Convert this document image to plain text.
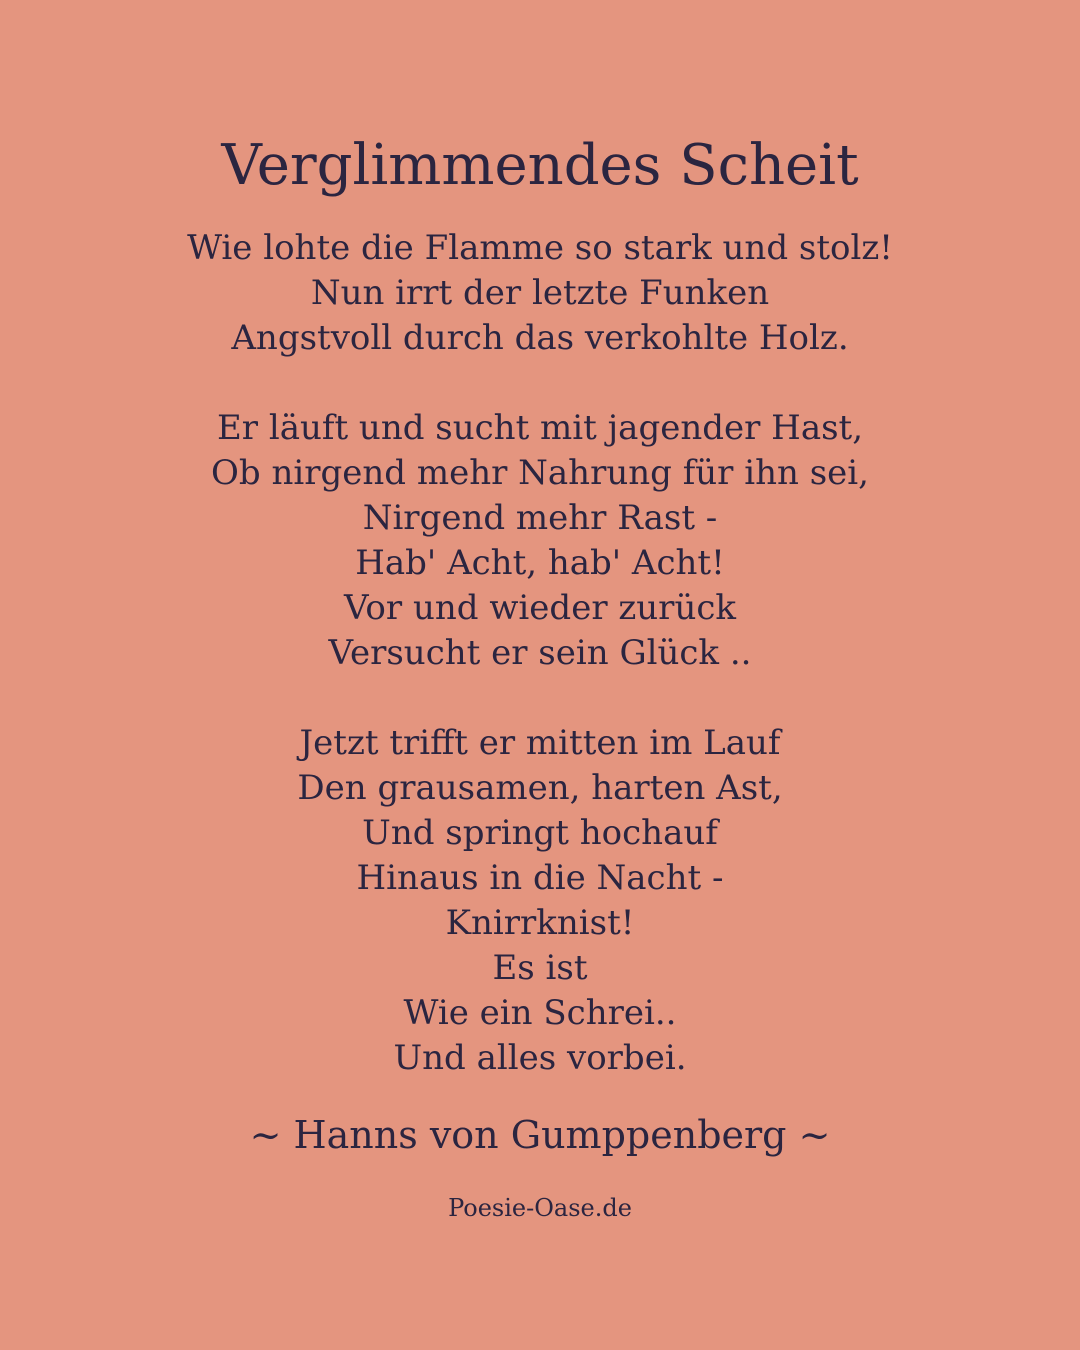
Verglimmendes Scheit
Wie lohte die Flamme so stark und stolz!
Nun irrt der letzte Funken
Angstvoll durch das verkohlte Holz.
Er läuft und sucht mit jagender Hast,
Ob nirgend mehr Nahrung für ihn sei,
Nirgend mehr Rast -
Hab' Acht, hab' Acht!
Vor und wieder zurück
Versucht er sein Glück ..
Jetzt trifft er mitten im Lauf
Den grausamen, harten Ast,
Und springt hochauf
Hinaus in die Nacht -
Knirrknist!
Es ist
Wie ein Schrei..
Und alles vorbei.

~ Hanns von Gumppenberg ~

Poesie-Oase.de
